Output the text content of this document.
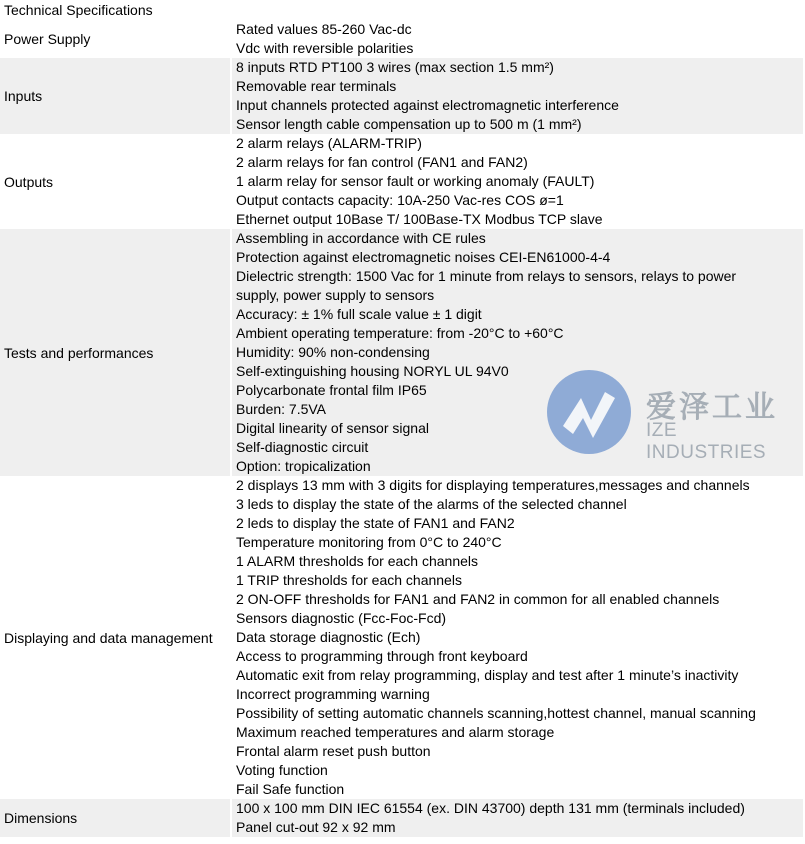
Technical Specifications
Power Supply
Rated values 85-260 Vac-dc
Vdc with reversible polarities
Inputs
8 inputs RTD PT100 3 wires (max section 1.5 mm²)
Removable rear terminals
Input channels protected against electromagnetic interference
Sensor length cable compensation up to 500 m (1 mm²)
Outputs
2 alarm relays (ALARM-TRIP)
2 alarm relays for fan control (FAN1 and FAN2)
1 alarm relay for sensor fault or working anomaly (FAULT)
Output contacts capacity: 10A-250 Vac-res COS ø=1
Ethernet output 10Base T/ 100Base-TX Modbus TCP slave
Tests and performances
Assembling in accordance with CE rules
Protection against electromagnetic noises CEI-EN61000-4-4
Dielectric strength: 1500 Vac for 1 minute from relays to sensors, relays to power
supply, power supply to sensors
Accuracy: ± 1% full scale value ± 1 digit
Ambient operating temperature: from -20°C to +60°C
Humidity: 90% non-condensing
Self-extinguishing housing NORYL UL 94V0
Polycarbonate frontal film IP65
Burden: 7.5VA
Digital linearity of sensor signal
Self-diagnostic circuit
Option: tropicalization
Displaying and data management
2 displays 13 mm with 3 digits for displaying temperatures,messages and channels
3 leds to display the state of the alarms of the selected channel
2 leds to display the state of FAN1 and FAN2
Temperature monitoring from 0°C to 240°C
1 ALARM thresholds for each channels
1 TRIP thresholds for each channels
2 ON-OFF thresholds for FAN1 and FAN2 in common for all enabled channels
Sensors diagnostic (Fcc-Foc-Fcd)
Data storage diagnostic (Ech)
Access to programming through front keyboard
Automatic exit from relay programming, display and test after 1 minute’s inactivity
Incorrect programming warning
Possibility of setting automatic channels scanning,hottest channel, manual scanning
Maximum reached temperatures and alarm storage
Frontal alarm reset push button
Voting function
Fail Safe function
Dimensions
100 x 100 mm DIN IEC 61554 (ex. DIN 43700) depth 131 mm (terminals included)
Panel cut-out 92 x 92 mm
爱泽工业
IZE INDUSTRIES
